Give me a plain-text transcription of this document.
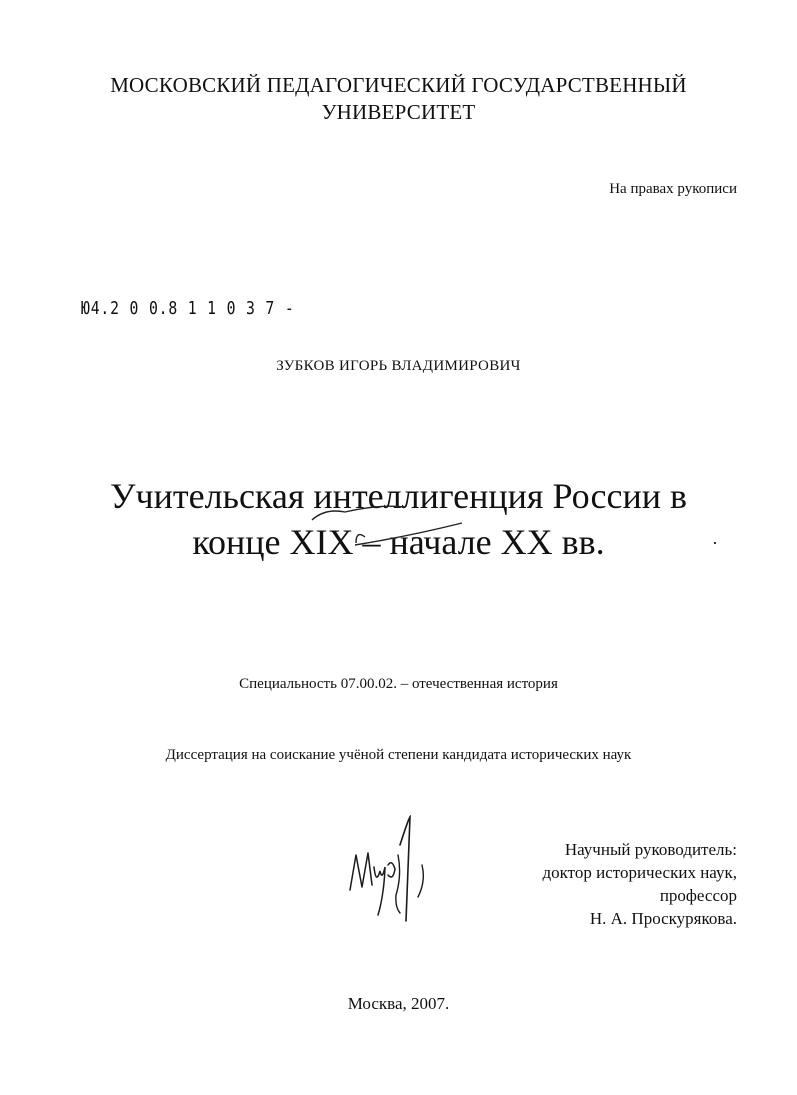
МОСКОВСКИЙ ПЕДАГОГИЧЕСКИЙ ГОСУДАРСТВЕННЫЙ
УНИВЕРСИТЕТ
На правах рукописи
Ю4.2 0 0.8 1 1 0 3 7 -
ЗУБКОВ ИГОРЬ ВЛАДИМИРОВИЧ
Учительская интеллигенция России в
конце XIX – начале XX вв.
Специальность 07.00.02. – отечественная история
Диссертация на соискание учёной степени кандидата исторических наук
Научный руководитель:
доктор исторических наук,
профессор
Н. А. Проскурякова.
Москва, 2007.
